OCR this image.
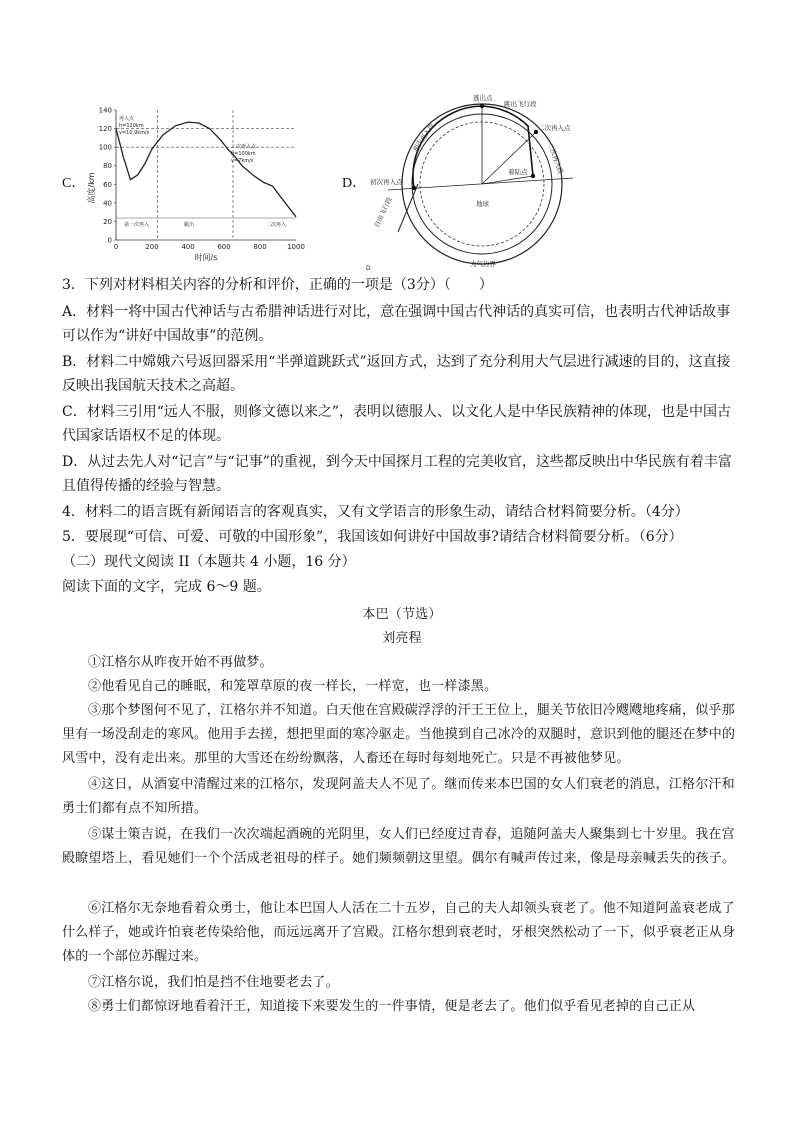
C．
0
20
40
60
80
100
120
140
0	200	400	600	800	1000
高度/km
时间/s
再入点
h=120km
v=10.9km/s
二次再入点
h=100km
v=7km/s
第一次再入	跳出	二次再入
D．
逃出点
跳出飞行段
二次再入点
初次再入段
二次再入段
初次再入点
着陆点
地球
自由飞行段
大气边界
D
3．下列对材料相关内容的分析和评价，正确的一项是（3分）（　　）
A．材料一将中国古代神话与古希腊神话进行对比，意在强调中国古代神话的真实可信，也表明古代神话故事可以作为“讲好中国故事”的范例。
B．材料二中嫦娥六号返回器采用“半弹道跳跃式”返回方式，达到了充分利用大气层进行减速的目的，这直接反映出我国航天技术之高超。
C．材料三引用“远人不服，则修文德以来之”，表明以德服人、以文化人是中华民族精神的体现，也是中国古代国家话语权不足的体现。
D．从过去先人对“记言”与“记事”的重视，到今天中国探月工程的完美收官，这些都反映出中华民族有着丰富且值得传播的经验与智慧。
4．材料二的语言既有新闻语言的客观真实，又有文学语言的形象生动，请结合材料简要分析。（4分）
5．要展现“可信、可爱、可敬的中国形象”，我国该如何讲好中国故事?请结合材料简要分析。（6分）
（二）现代文阅读 II（本题共 4 小题，16 分）
阅读下面的文字，完成 6～9 题。
本巴（节选）
刘亮程
①江格尔从昨夜开始不再做梦。
②他看见自己的睡眠，和笼罩草原的夜一样长，一样宽，也一样漆黑。
③那个梦图何不见了，江格尔并不知道。白天他在宫殿碳浮浮的汗王王位上，腿关节依旧冷飕飕地疼痛，似乎那里有一场没刮走的寒风。他用手去搓，想把里面的寒冷驱走。当他摸到自己冰冷的双腿时，意识到他的腿还在梦中的风雪中，没有走出来。那里的大雪还在纷纷飘落，人畜还在每时每刻地死亡。只是不再被他梦见。
④这日，从酒宴中清醒过来的江格尔，发现阿盖夫人不见了。继而传来本巴国的女人们衰老的消息，江格尔汗和勇士们都有点不知所措。
⑤谋士策吉说，在我们一次次端起酒碗的光阴里，女人们已经度过青春，追随阿盖夫人聚集到七十岁里。我在宫殿瞭望塔上，看见她们一个个活成老祖母的样子。她们频频朝这里望。偶尔有喊声传过来，像是母亲喊丢失的孩子。
⑥江格尔无奈地看着众勇士，他让本巴国人人活在二十五岁，自己的夫人却领头衰老了。他不知道阿盖衰老成了什么样子，她或许怕衰老传染给他，而远远离开了宫殿。江格尔想到衰老时，牙根突然松动了一下，似乎衰老正从身体的一个部位苏醒过来。
⑦江格尔说，我们怕是挡不住地要老去了。
⑧勇士们都惊讶地看着汗王，知道接下来要发生的一件事情，便是老去了。他们似乎看见老掉的自己正从
